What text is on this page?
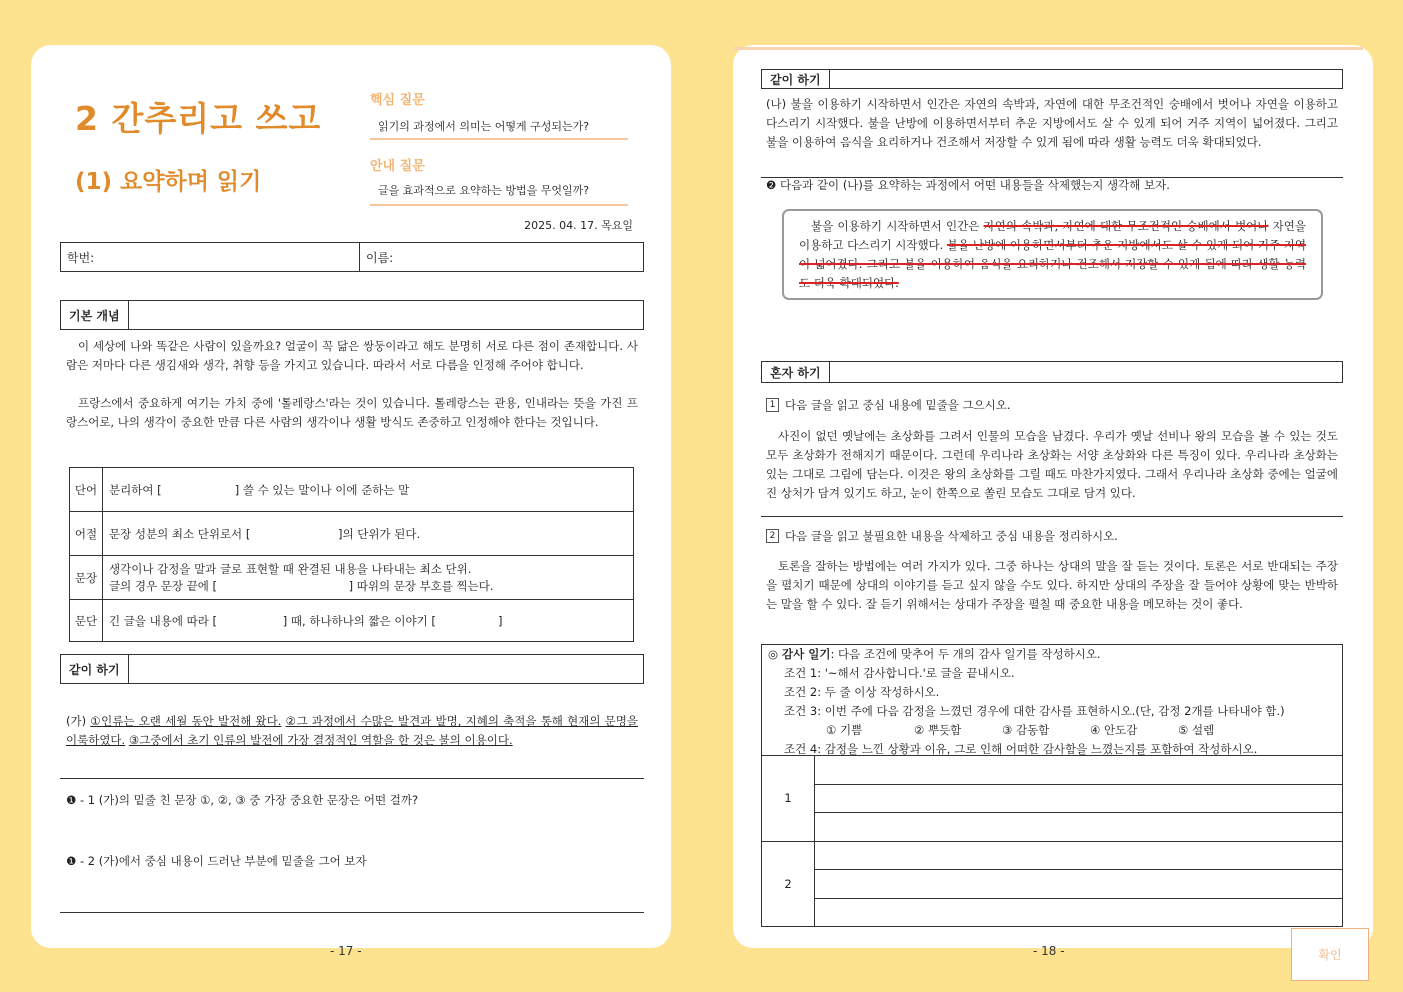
2 간추리고 쓰고
(1) 요약하며 읽기
핵심 질문
읽기의 과정에서 의미는 어떻게 구성되는가?
안내 질문
글을 효과적으로 요약하는 방법을 무엇일까?
2025. 04. 17. 목요일
학번:	이름:
기본 개념
이 세상에 나와 똑같은 사람이 있을까요? 얼굴이 꼭 닮은 쌍둥이라고 해도 분명히 서로 다른 점이 존재합니다. 사람은 저마다 다른 생김새와 생각, 취향 등을 가지고 있습니다. 따라서 서로 다름을 인정해 주어야 합니다.
프랑스에서 중요하게 여기는 가치 중에 '톨레랑스'라는 것이 있습니다. 톨레랑스는 관용, 인내라는 뜻을 가진 프랑스어로, 나의 생각이 중요한 만큼 다른 사람의 생각이나 생활 방식도 존중하고 인정해야 한다는 것입니다.
단어	분리하여 [                    ] 쓸 수 있는 말이나 이에 준하는 말
어절	문장 성분의 최소 단위로서 [                        ]의 단위가 된다.
문장	생각이나 감정을 말과 글로 표현할 때 완결된 내용을 나타내는 최소 단위.
글의 경우 문장 끝에 [                                    ] 따위의 문장 부호를 찍는다.

문단	긴 글을 내용에 따라 [                  ] 때, 하나하나의 짧은 이야기 [                 ]
같이 하기
(가) ①인류는 오랜 세월 동안 발전해 왔다. ②그 과정에서 수많은 발견과 발명, 지혜의 축적을 통해 현재의 문명을 이룩하였다. ③그중에서 초기 인류의 발전에 가장 결정적인 역할을 한 것은 불의 이용이다.
❶ - 1 (가)의 밑줄 친 문장 ①, ②, ③ 중 가장 중요한 문장은 어떤 걸까?
❶ - 2 (가)에서 중심 내용이 드러난 부분에 밑줄을 그어 보자
- 17 -
같이 하기
(나) 불을 이용하기 시작하면서 인간은 자연의 속박과, 자연에 대한 무조건적인 숭배에서 벗어나 자연을 이용하고 다스리기 시작했다. 불을 난방에 이용하면서부터 추운 지방에서도 살 수 있게 되어 거주 지역이 넓어졌다. 그리고 불을 이용하여 음식을 요리하거나 건조해서 저장할 수 있게 됨에 따라 생활 능력도 더욱 확대되었다.
❷ 다음과 같이 (나)를 요약하는 과정에서 어떤 내용들을 삭제했는지 생각해 보자.
불을 이용하기 시작하면서 인간은 자연의 속박과, 자연에 대한 무조건적인 숭배에서 벗어나 자연을 이용하고 다스리기 시작했다. 불을 난방에 이용하면서부터 추운 지방에서도 살 수 있게 되어 거주 지역이 넓어졌다. 그리고 불을 이용하여 음식을 요리하거나 건조해서 저장할 수 있게 됨에 따라 생활 능력도 더욱 확대되었다.
혼자 하기
1 다음 글을 읽고 중심 내용에 밑줄을 그으시오.
사진이 없던 옛날에는 초상화를 그려서 인물의 모습을 남겼다. 우리가 옛날 선비나 왕의 모습을 볼 수 있는 것도 모두 초상화가 전해지기 때문이다. 그런데 우리나라 초상화는 서양 초상화와 다른 특징이 있다. 우리나라 초상화는 있는 그대로 그림에 담는다. 이것은 왕의 초상화를 그릴 때도 마찬가지였다. 그래서 우리나라 초상화 중에는 얼굴에 진 상처가 담겨 있기도 하고, 눈이 한쪽으로 쏠린 모습도 그대로 담겨 있다.
2 다음 글을 읽고 불필요한 내용을 삭제하고 중심 내용을 정리하시오.
토론을 잘하는 방법에는 여러 가지가 있다. 그중 하나는 상대의 말을 잘 듣는 것이다. 토론은 서로 반대되는 주장을 펼치기 때문에 상대의 이야기를 듣고 싶지 않을 수도 있다. 하지만 상대의 주장을 잘 들어야 상황에 맞는 반박하는 말을 할 수 있다. 잘 듣기 위해서는 상대가 주장을 펼칠 때 중요한 내용을 메모하는 것이 좋다.
◎ 감사 일기: 다음 조건에 맞추어 두 개의 감사 일기를 작성하시오.
조건 1: '~해서 감사합니다.'로 글을 끝내시오.
조건 2: 두 줄 이상 작성하시오.
조건 3: 이번 주에 다음 감정을 느꼈던 경우에 대한 감사를 표현하시오.(단, 감정 2개를 나타내야 함.)
① 기쁨	② 뿌듯함	③ 감동함	④ 안도감	⑤ 설렘
조건 4: 감정을 느낀 상황과 이유, 그로 인해 어떠한 감사함을 느꼈는지를 포함하여 작성하시오.
1	

2	

- 18 -	확인
